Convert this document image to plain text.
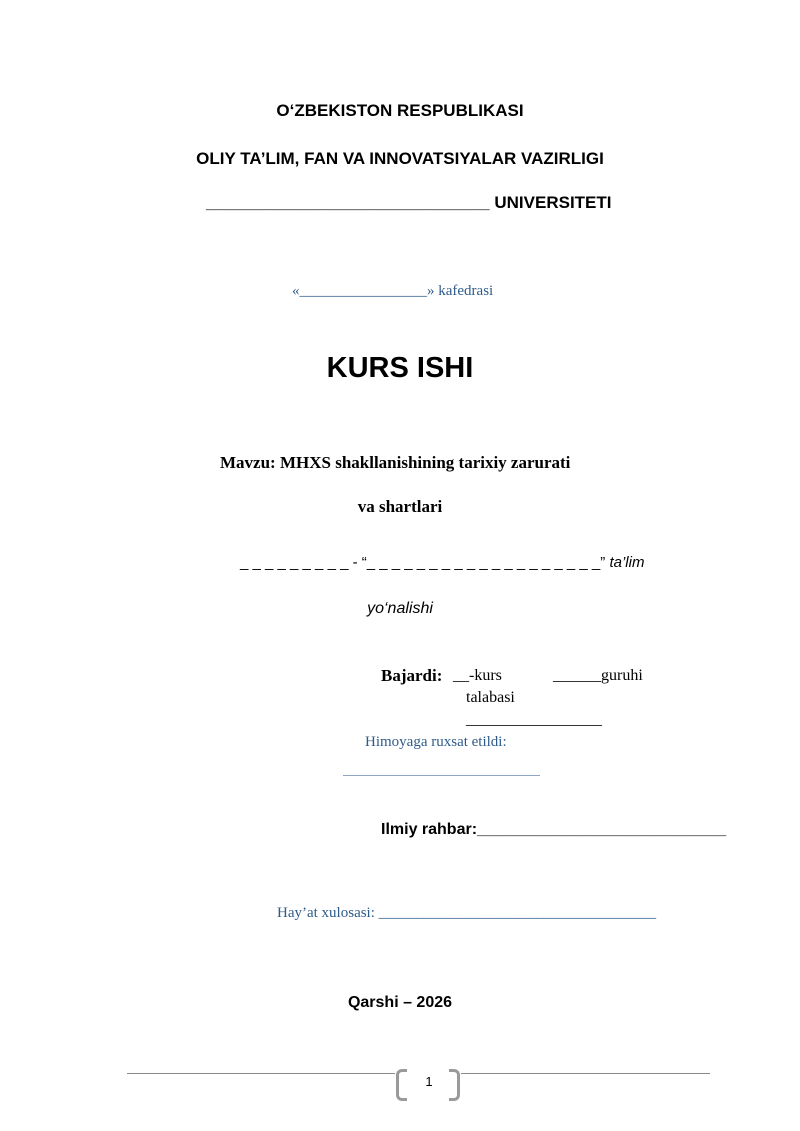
O‘ZBEKISTON RESPUBLIKASI
OLIY TA’LIM, FAN VA INNOVATSIYALAR VAZIRLIGI
______________________________ UNIVERSITETI
«_________________» kafedrasi
KURS ISHI
Mavzu: MHXS shakllanishining tarixiy zarurati
va shartlari
_ _ _ _ _ _ _ _ _ - “_ _ _ _ _ _ _ _ _ _ _ _ _ _ _ _ _ _ _” ta’lim
yo‘nalishi
Bajardi: __-kurs	______guruhi
talabasi
_________________
Himoyaga ruxsat etildi:
Ilmiy rahbar:____________________________
Hay’at xulosasi: _____________________________________
Qarshi – 2026
1
